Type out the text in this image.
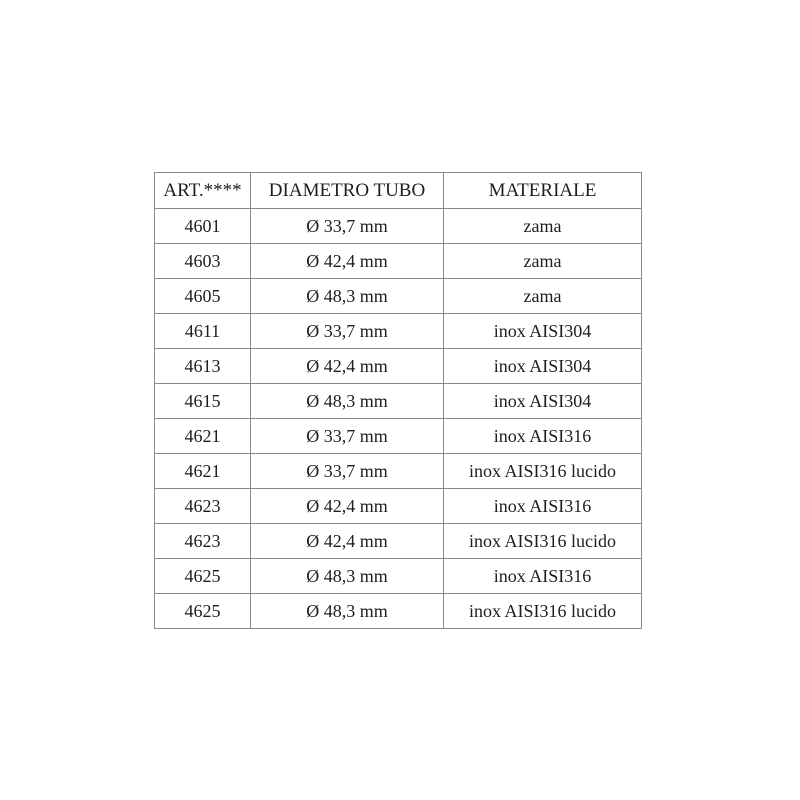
ART.****	DIAMETRO TUBO	MATERIALE
4601	Ø 33,7 mm	zama
4603	Ø 42,4 mm	zama
4605	Ø 48,3 mm	zama
4611	Ø 33,7 mm	inox AISI304
4613	Ø 42,4 mm	inox AISI304
4615	Ø 48,3 mm	inox AISI304
4621	Ø 33,7 mm	inox AISI316
4621	Ø 33,7 mm	inox AISI316 lucido
4623	Ø 42,4 mm	inox AISI316
4623	Ø 42,4 mm	inox AISI316 lucido
4625	Ø 48,3 mm	inox AISI316
4625	Ø 48,3 mm	inox AISI316 lucido
